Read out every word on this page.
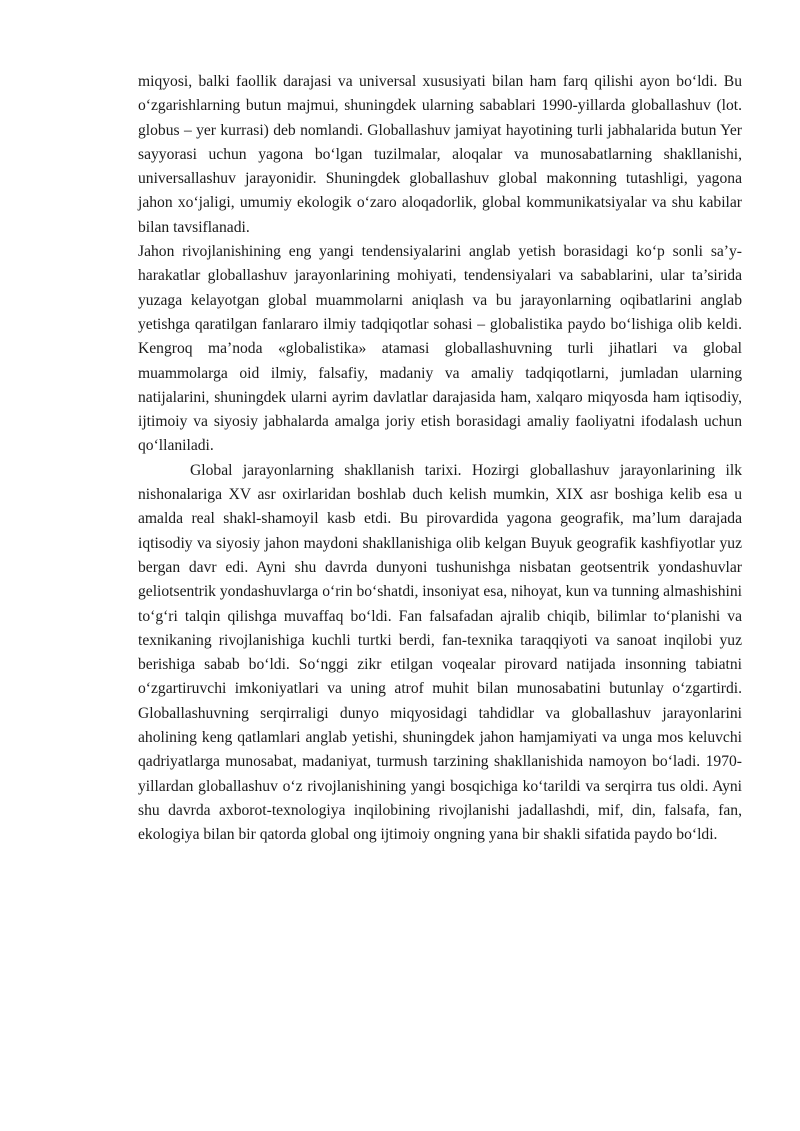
miqyosi, balki faollik darajasi va universal xususiyati bilan ham farq qilishi ayon bo‘ldi. Bu o‘zgarishlarning butun majmui, shuningdek ularning sabablari 1990-yillarda globallashuv (lot. globus – yer kurrasi) deb nomlandi. Globallashuv jamiyat hayotining turli jabhalarida butun Yer sayyorasi uchun yagona bo‘lgan tuzilmalar, aloqalar va munosabatlarning shakllanishi, universallashuv jarayonidir. Shuningdek globallashuv global makonning tutashligi, yagona jahon xo‘jaligi, umumiy ekologik o‘zaro aloqadorlik, global kommunikatsiyalar va shu kabilar bilan tavsiflanadi.

Jahon rivojlanishining eng yangi tendensiyalarini anglab yetish borasidagi ko‘p sonli sa’y-harakatlar globallashuv jarayonlarining mohiyati, tendensiyalari va sabablarini, ular ta’sirida yuzaga kelayotgan global muammolarni aniqlash va bu jarayonlarning oqibatlarini anglab yetishga qaratilgan fanlararo ilmiy tadqiqotlar sohasi – globalistika paydo bo‘lishiga olib keldi. Kengroq ma’noda «globalistika» atamasi globallashuvning turli jihatlari va global muammolarga oid ilmiy, falsafiy, madaniy va amaliy tadqiqotlarni, jumladan ularning natijalarini, shuningdek ularni ayrim davlatlar darajasida ham, xalqaro miqyosda ham iqtisodiy, ijtimoiy va siyosiy jabhalarda amalga joriy etish borasidagi amaliy faoliyatni ifodalash uchun qo‘llaniladi.

Global jarayonlarning shakllanish tarixi. Hozirgi globallashuv jarayonlarining ilk nishonalariga XV asr oxirlaridan boshlab duch kelish mumkin, XIX asr boshiga kelib esa u amalda real shakl-shamoyil kasb etdi. Bu pirovardida yagona geografik, ma’lum darajada iqtisodiy va siyosiy jahon maydoni shakllanishiga olib kelgan Buyuk geografik kashfiyotlar yuz bergan davr edi. Ayni shu davrda dunyoni tushunishga nisbatan geotsentrik yondashuvlar geliotsentrik yondashuvlarga o‘rin bo‘shatdi, insoniyat esa, nihoyat, kun va tunning almashishini to‘g‘ri talqin qilishga muvaffaq bo‘ldi. Fan falsafadan ajralib chiqib, bilimlar to‘planishi va texnikaning rivojlanishiga kuchli turtki berdi, fan-texnika taraqqiyoti va sanoat inqilobi yuz berishiga sabab bo‘ldi. So‘nggi zikr etilgan voqealar pirovard natijada insonning tabiatni o‘zgartiruvchi imkoniyatlari va uning atrof muhit bilan munosabatini butunlay o‘zgartirdi. Globallashuvning serqirraligi dunyo miqyosidagi tahdidlar va globallashuv jarayonlarini aholining keng qatlamlari anglab yetishi, shuningdek jahon hamjamiyati va unga mos keluvchi qadriyatlarga munosabat, madaniyat, turmush tarzining shakllanishida namoyon bo‘ladi. 1970-yillardan globallashuv o‘z rivojlanishining yangi bosqichiga ko‘tarildi va serqirra tus oldi. Ayni shu davrda axborot-texnologiya inqilobining rivojlanishi jadallashdi, mif, din, falsafa, fan, ekologiya bilan bir qatorda global ong ijtimoiy ongning yana bir shakli sifatida paydo bo‘ldi.
